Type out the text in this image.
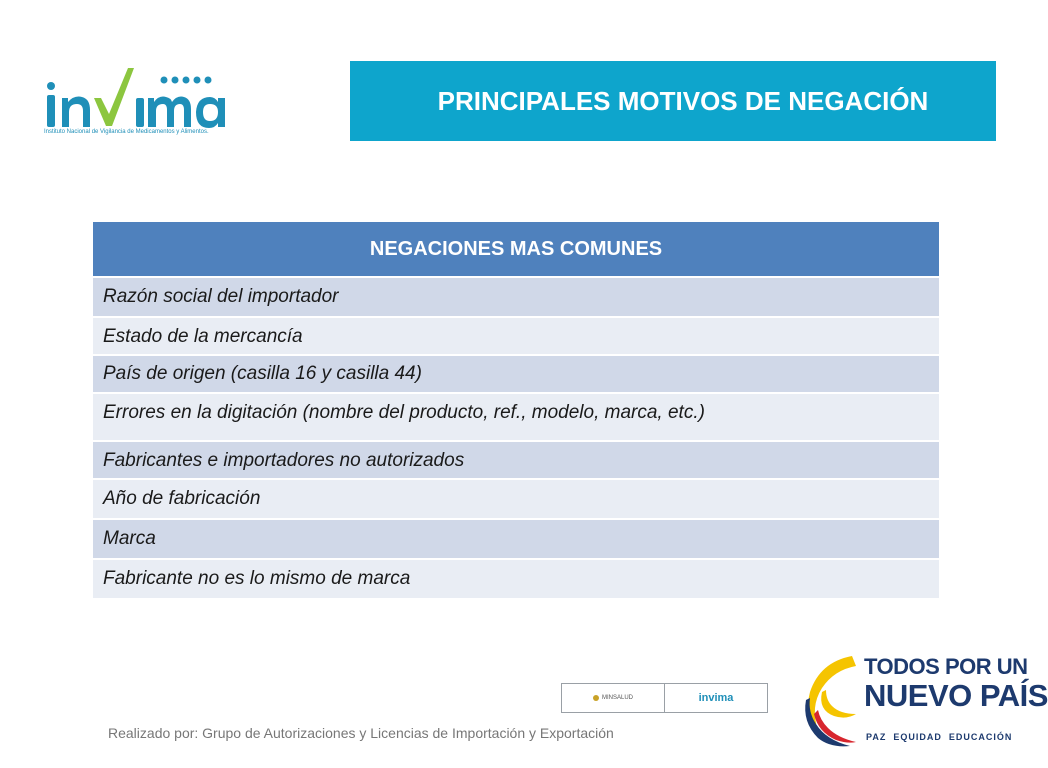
Instituto Nacional de Vigilancia de Medicamentos y Alimentos.
PRINCIPALES MOTIVOS DE NEGACIÓN
NEGACIONES MAS COMUNES
Razón social del importador
Estado de la mercancía
País de origen (casilla 16 y casilla 44)
Errores en la digitación (nombre del producto, ref., modelo, marca, etc.)
Fabricantes e importadores no autorizados
Año de fabricación
Marca
Fabricante no es lo mismo de marca
MINSALUD	invima
Realizado por: Grupo de Autorizaciones y Licencias de Importación y Exportación
TODOS POR UN
NUEVO PAÍS
PAZ  EQUIDAD  EDUCACIÓN
